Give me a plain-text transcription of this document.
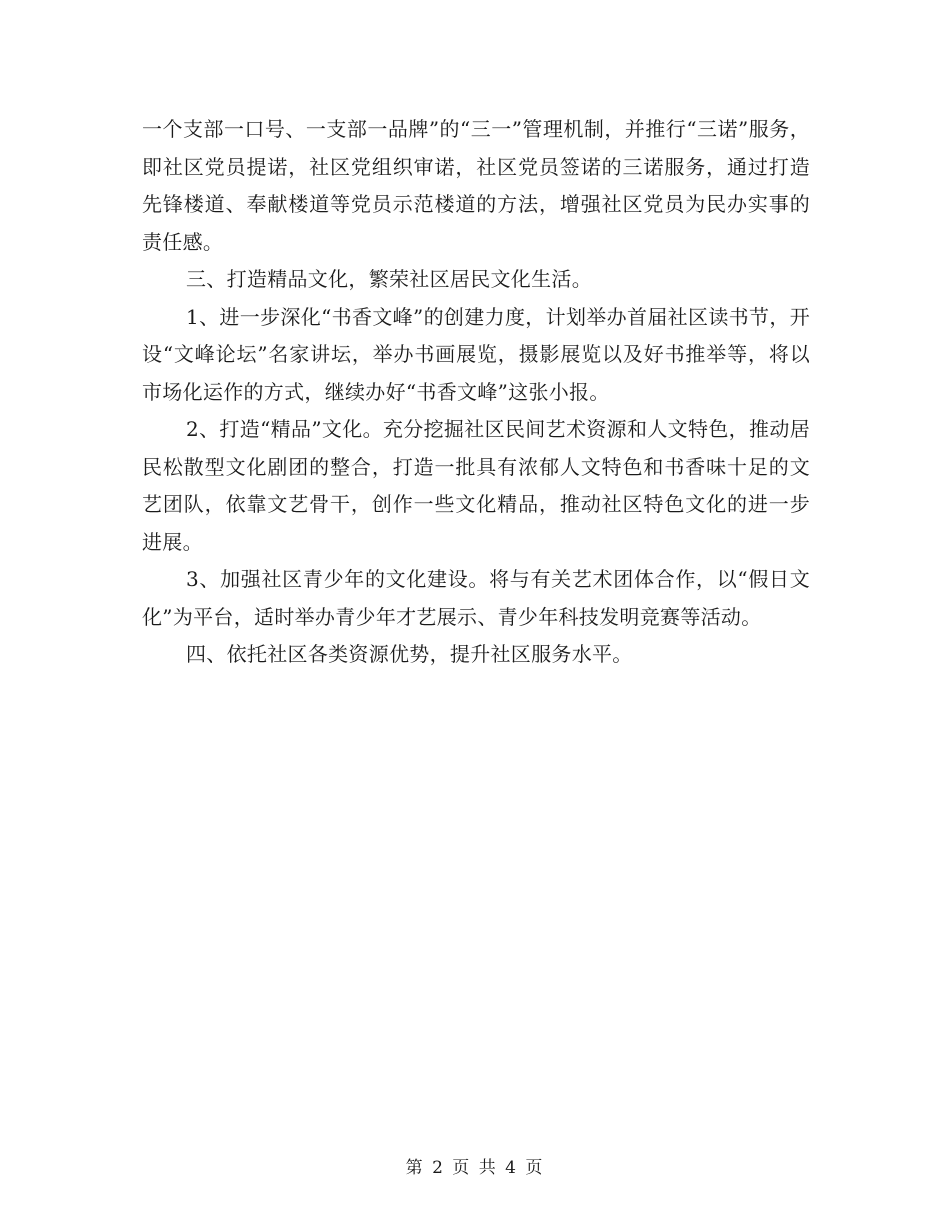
一个支部一口号、一支部一品牌”的“三一”管理机制，并推行“三诺”服务，即社区党员提诺，社区党组织审诺，社区党员签诺的三诺服务，通过打造先锋楼道、奉献楼道等党员示范楼道的方法，增强社区党员为民办实事的责任感。

三、打造精品文化，繁荣社区居民文化生活。

1、进一步深化“书香文峰”的创建力度，计划举办首届社区读书节，开设“文峰论坛”名家讲坛，举办书画展览，摄影展览以及好书推举等，将以市场化运作的方式，继续办好“书香文峰”这张小报。

2、打造“精品”文化。充分挖掘社区民间艺术资源和人文特色，推动居民松散型文化剧团的整合，打造一批具有浓郁人文特色和书香味十足的文艺团队，依靠文艺骨干，创作一些文化精品，推动社区特色文化的进一步进展。

3、加强社区青少年的文化建设。将与有关艺术团体合作，以“假日文化”为平台，适时举办青少年才艺展示、青少年科技发明竞赛等活动。

四、依托社区各类资源优势，提升社区服务水平。

第 2 页 共 4 页
